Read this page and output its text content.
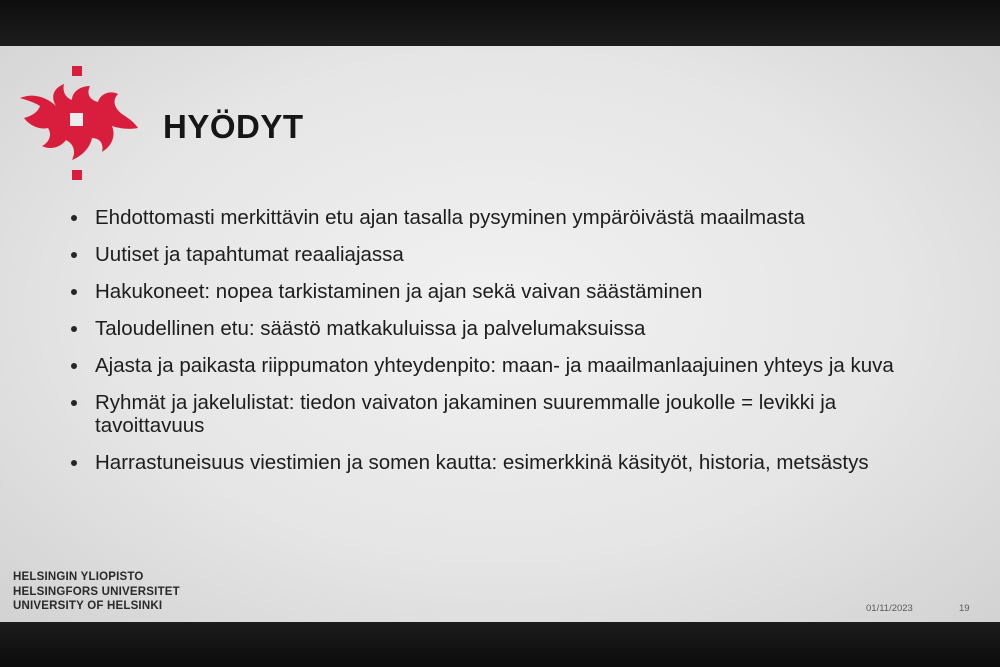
HYÖDYT
Ehdottomasti merkittävin etu ajan tasalla pysyminen ympäröivästä maailmasta
Uutiset ja tapahtumat reaaliajassa
Hakukoneet: nopea tarkistaminen ja ajan sekä vaivan säästäminen
Taloudellinen etu: säästö matkakuluissa ja palvelumaksuissa
Ajasta ja paikasta riippumaton yhteydenpito: maan- ja maailmanlaajuinen yhteys ja kuva
Ryhmät ja jakelulistat: tiedon vaivaton jakaminen suuremmalle joukolle = levikki ja tavoittavuus
Harrastuneisuus viestimien ja somen kautta: esimerkkinä käsityöt, historia, metsästys
HELSINGIN YLIOPISTO
HELSINGFORS UNIVERSITET
UNIVERSITY OF HELSINKI	01/11/2023	19
